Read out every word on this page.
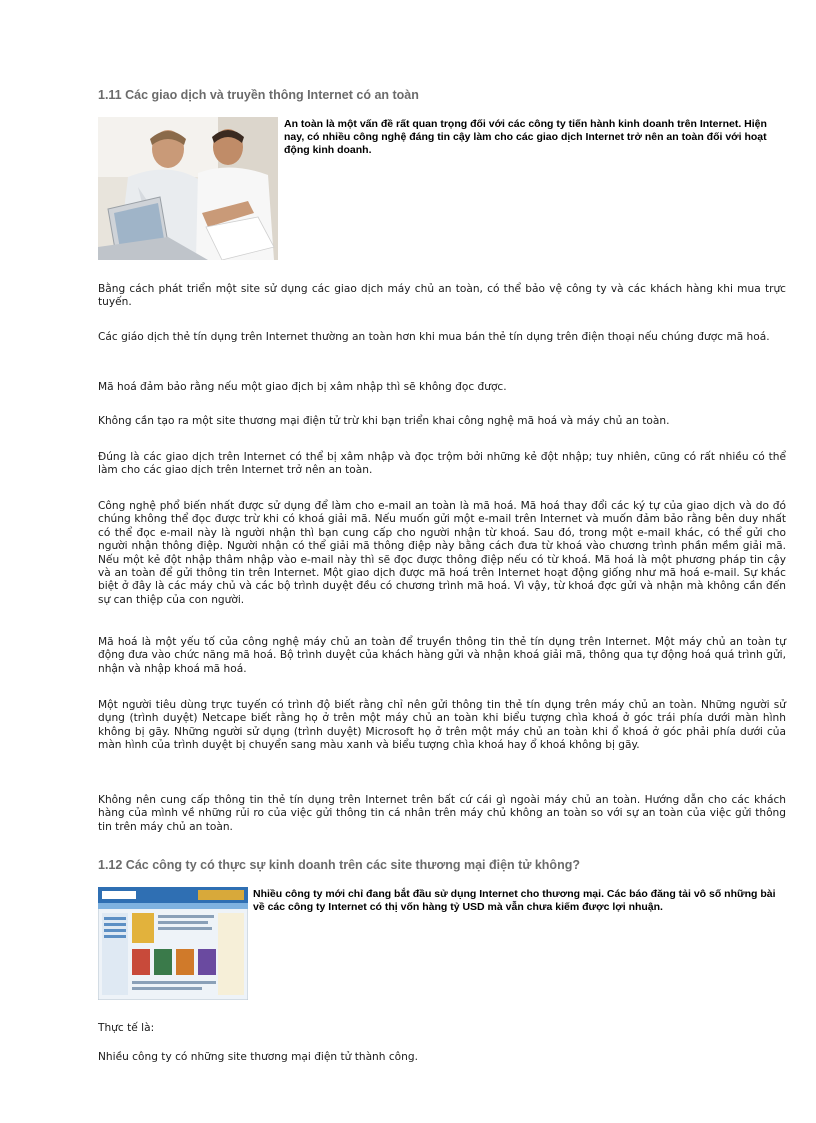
1.11 Các giao dịch và truyền thông Internet có an toàn

An toàn là một vấn đề rất quan trọng đối với các công ty tiến hành kinh doanh trên Internet. Hiện nay, có nhiều công nghệ đáng tin cậy làm cho các giao dịch Internet trở nên an toàn đối với hoạt động kinh doanh.

Bằng cách phát triển một site sử dụng các giao dịch máy chủ an toàn, có thể bảo vệ công ty và các khách hàng khi mua trực tuyến.

Các giáo dịch thẻ tín dụng trên Internet thường an toàn hơn khi mua bán thẻ tín dụng trên điện thoại nếu chúng được mã hoá.

Mã hoá đảm bảo rằng nếu một giao địch bị xâm nhập thì sẽ không đọc được.

Không cần tạo ra một site thương mại điện tử trừ khi bạn triển khai công nghệ mã hoá và máy chủ an toàn.

Đúng là các giao dịch trên Internet có thể bị xâm nhập và đọc trộm bởi những kẻ đột nhập; tuy nhiên, cũng có rất nhiều có thể làm cho các giao dịch trên Internet trở nên an toàn.

Công nghệ phổ biến nhất được sử dụng để làm cho e-mail an toàn là mã hoá. Mã hoá thay đổi các ký tự của giao dịch và do đó chúng không thể đọc được trừ khi có khoá giải mã. Nếu muốn gửi một e-mail trên Internet và muốn đảm bảo rằng bên duy nhất có thể đọc e-mail này là người nhận thì bạn cung cấp cho người nhận từ khoá. Sau đó, trong một e-mail khác, có thể gửi cho người nhận thông điệp. Người nhận có thể giải mã thông điệp này bằng cách đưa từ khoá vào chương trình phần mềm giải mã. Nếu một kẻ đột nhập thâm nhập vào e-mail này thì sẽ đọc được thông điệp nếu có từ khoá. Mã hoá là một phương pháp tin cậy và an toàn để gửi thông tin trên Internet. Một giao dịch được mã hoá trên Internet hoạt động giống như mã hoá e-mail. Sự khác biệt ở đây là các máy chủ và các bộ trình duyệt đều có chương trình mã hoá. Vì vậy, từ khoá đợc gửi và nhận mà không cần đến sự can thiệp của con người.

Mã hoá là một yếu tố của công nghệ máy chủ an toàn để truyền thông tin thẻ tín dụng trên Internet. Một máy chủ an toàn tự động đưa vào chức năng mã hoá. Bộ trình duyệt của khách hàng gửi và nhận khoá giải mã, thông qua tự động hoá quá trình gửi, nhận và nhập khoá mã hoá.

Một người tiêu dùng trực tuyến có trình độ biết rằng chỉ nên gửi thông tin thẻ tín dụng trên máy chủ an toàn. Những người sử dụng (trình duyệt) Netcape biết rằng họ ở trên một máy chủ an toàn khi biểu tượng chìa khoá ở góc trái phía dưới màn hình không bị gãy. Những người sử dụng (trình duyệt) Microsoft họ ở trên một máy chủ an toàn khi ổ khoá ở góc phải phía dưới của màn hình của trình duyệt bị chuyển sang màu xanh và biểu tượng chìa khoá hay ổ khoá không bị gãy.

Không nên cung cấp thông tin thẻ tín dụng trên Internet trên bất cứ cái gì ngoài máy chủ an toàn. Hướng dẫn cho các khách hàng của mình về những rủi ro của việc gửi thông tin cá nhân trên máy chủ không an toàn so với sự an toàn của việc gửi thông tin trên máy chủ an toàn.

1.12 Các công ty có thực sự kinh doanh trên các site thương mại điện tử không?

Nhiều công ty mới chỉ đang bắt đầu sử dụng Internet cho thương mại. Các báo đăng tải vô số những bài về các công ty Internet có thị vốn hàng tỷ USD mà vẫn chưa kiếm được lợi nhuận.

Thực tế là:

Nhiều công ty có những site thương mại điện tử thành công.
